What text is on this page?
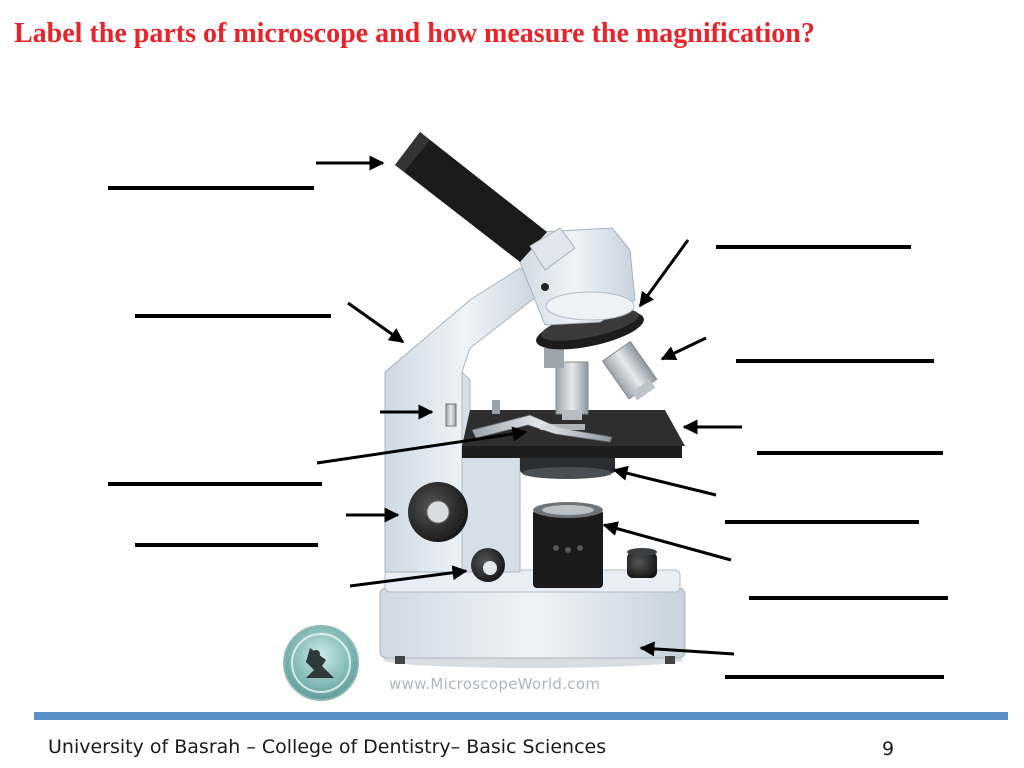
Label the parts of microscope and how measure the magnification?
www.MicroscopeWorld.com
University of Basrah – College of Dentistry– Basic Sciences	9
